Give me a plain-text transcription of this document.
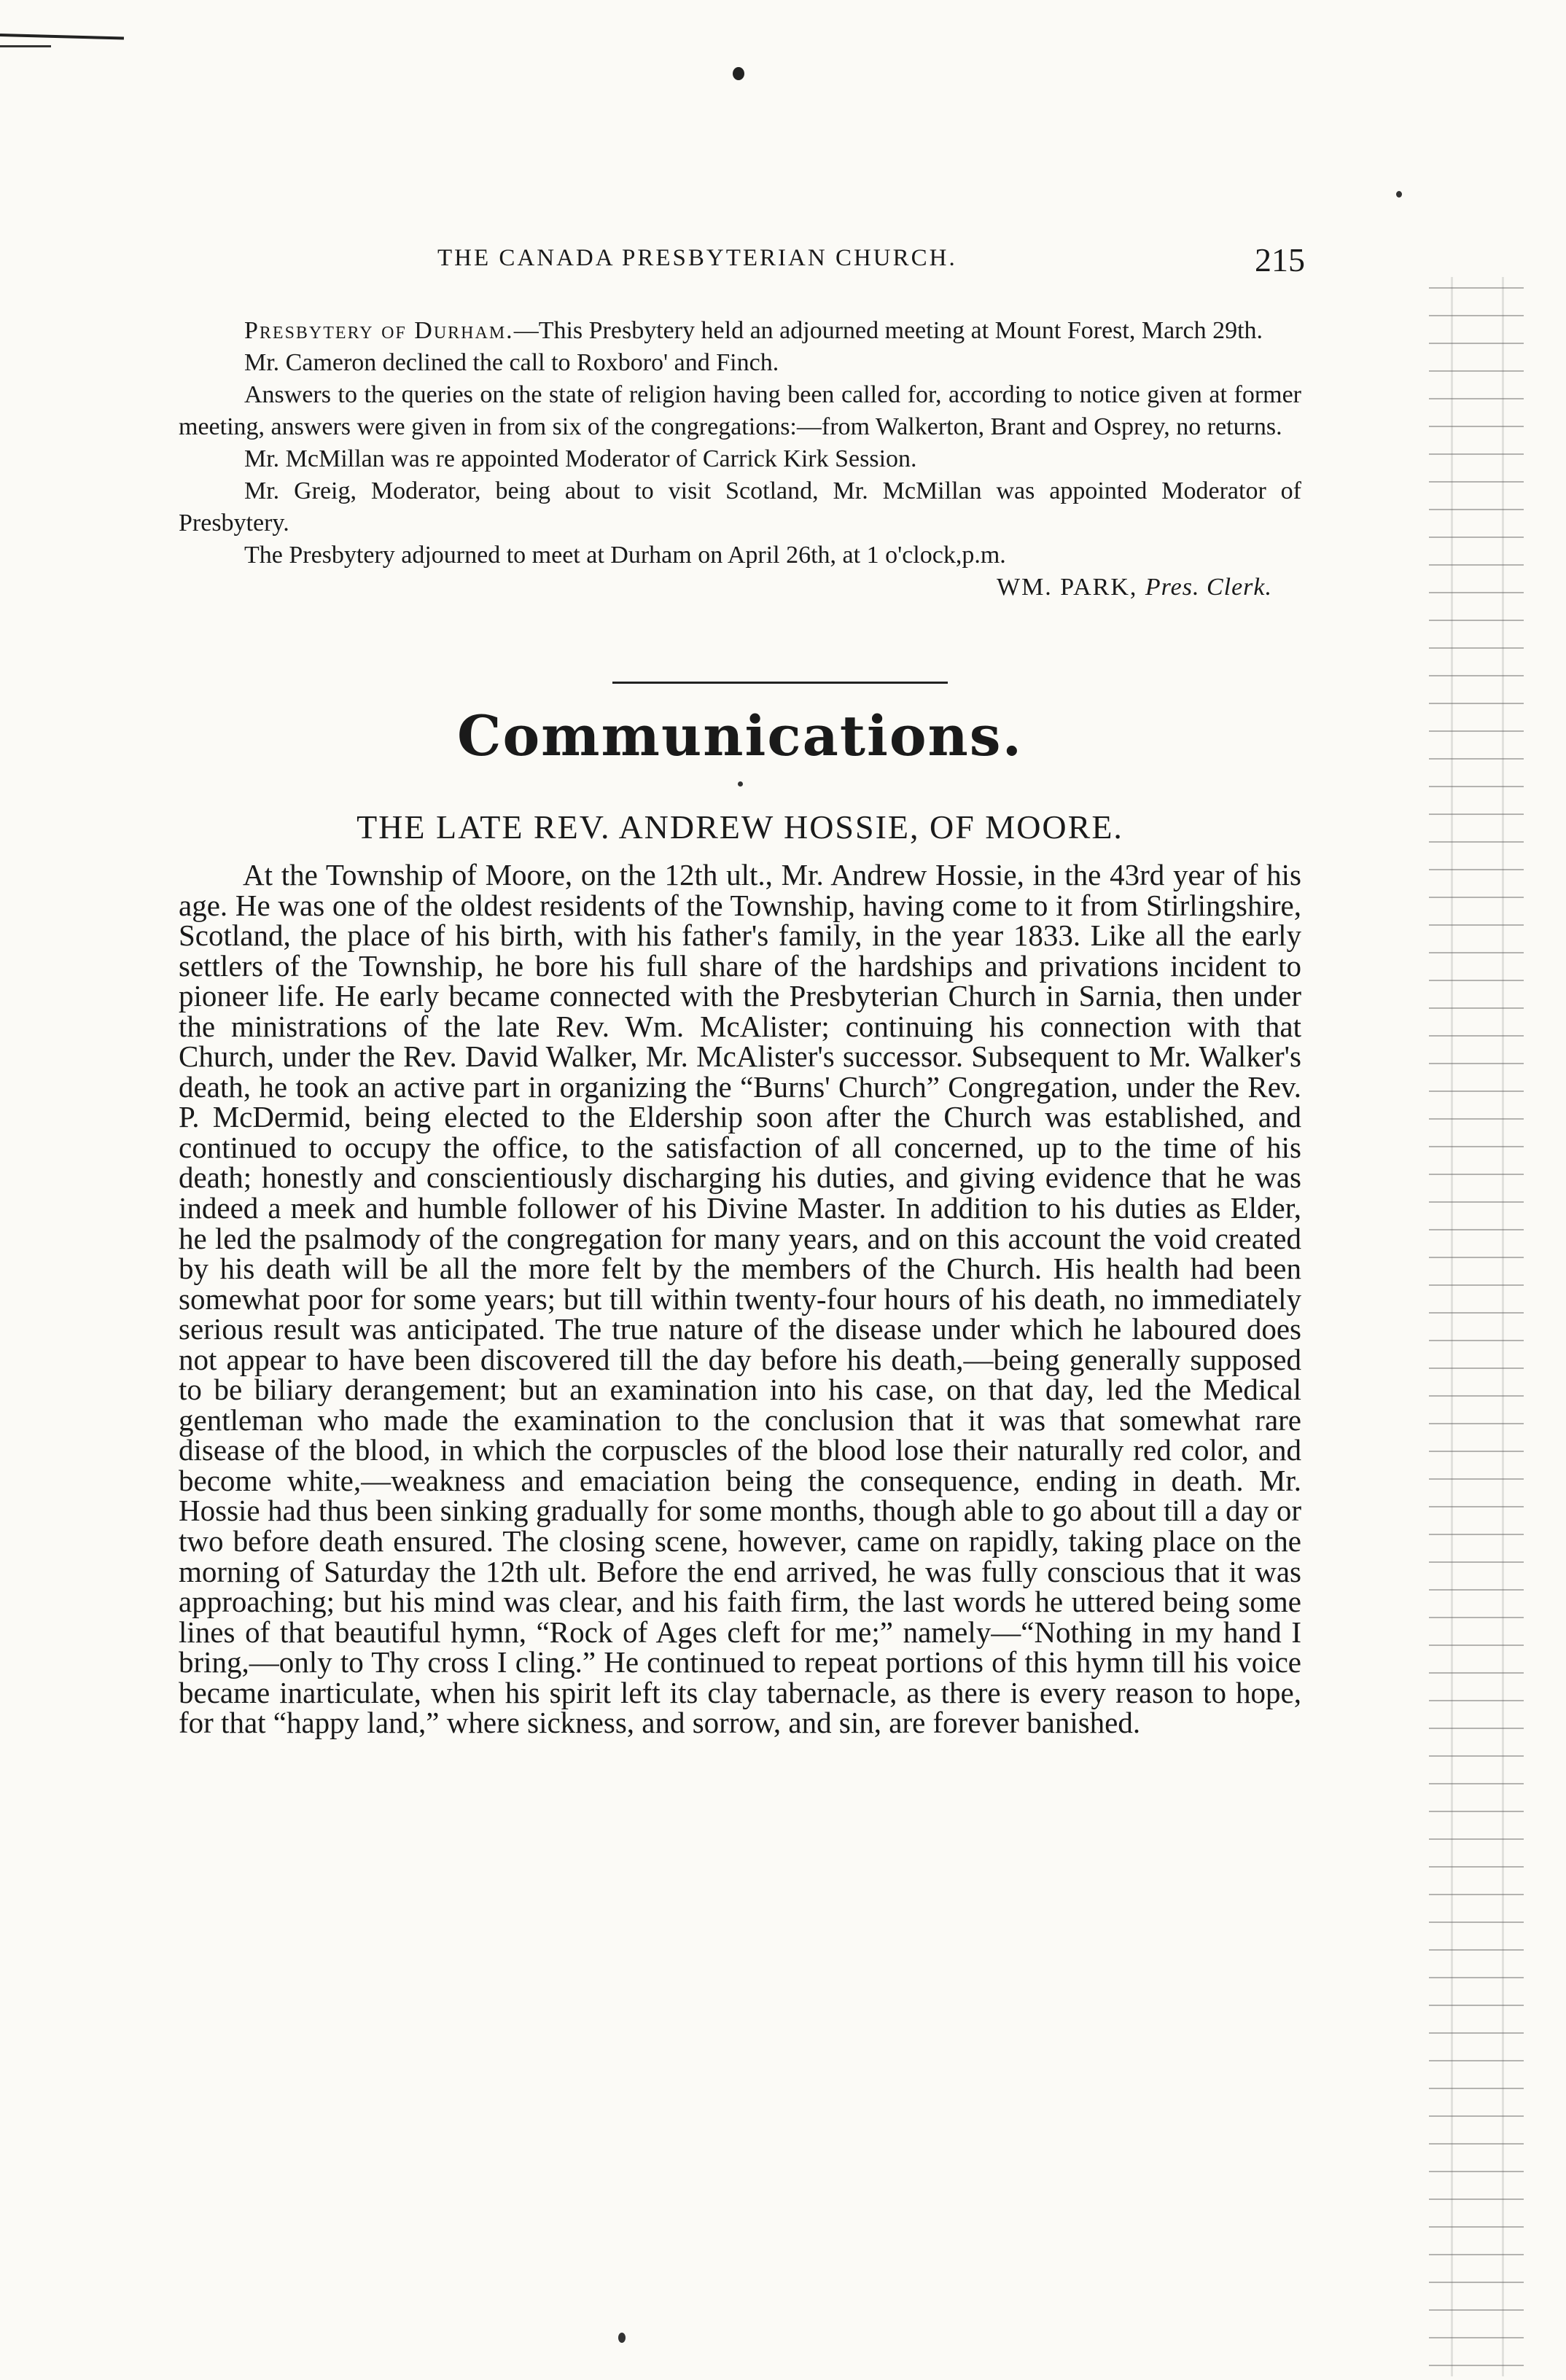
THE CANADA PRESBYTERIAN CHURCH.	215

Presbytery of Durham.—This Presbytery held an adjourned meeting at Mount Forest, March 29th.

Mr. Cameron declined the call to Roxboro' and Finch.

Answers to the queries on the state of religion having been called for, according to notice given at former meeting, answers were given in from six of the congregations:—from Walkerton, Brant and Osprey, no returns.

Mr. McMillan was re appointed Moderator of Carrick Kirk Session.

Mr. Greig, Moderator, being about to visit Scotland, Mr. McMillan was appointed Moderator of Presbytery.

The Presbytery adjourned to meet at Durham on April 26th, at 1 o'clock,p.m.

WM. PARK, Pres. Clerk.

Communications.
THE LATE REV. ANDREW HOSSIE, OF MOORE.

At the Township of Moore, on the 12th ult., Mr. Andrew Hossie, in the 43rd year of his age. He was one of the oldest residents of the Township, having come to it from Stirlingshire, Scotland, the place of his birth, with his father's family, in the year 1833. Like all the early settlers of the Township, he bore his full share of the hardships and privations incident to pioneer life. He early became connected with the Presbyterian Church in Sarnia, then under the ministrations of the late Rev. Wm. McAlister; continuing his connection with that Church, under the Rev. David Walker, Mr. McAlister's successor. Subsequent to Mr. Walker's death, he took an active part in organizing the “Burns' Church” Congregation, under the Rev. P. McDermid, being elected to the Eldership soon after the Church was established, and continued to occupy the office, to the satisfaction of all concerned, up to the time of his death; honestly and conscientiously discharging his duties, and giving evidence that he was indeed a meek and humble follower of his Divine Master. In addition to his duties as Elder, he led the psalmody of the congregation for many years, and on this account the void created by his death will be all the more felt by the members of the Church. His health had been somewhat poor for some years; but till within twenty-four hours of his death, no immediately serious result was anticipated. The true nature of the disease under which he laboured does not appear to have been discovered till the day before his death,—being generally supposed to be biliary derangement; but an examination into his case, on that day, led the Medical gentleman who made the examination to the conclusion that it was that somewhat rare disease of the blood, in which the corpuscles of the blood lose their naturally red color, and become white,—weakness and emaciation being the consequence, ending in death. Mr. Hossie had thus been sinking gradually for some months, though able to go about till a day or two before death ensured. The closing scene, however, came on rapidly, taking place on the morning of Saturday the 12th ult. Before the end arrived, he was fully conscious that it was approaching; but his mind was clear, and his faith firm, the last words he uttered being some lines of that beautiful hymn, “Rock of Ages cleft for me;” namely—“Nothing in my hand I bring,—only to Thy cross I cling.” He continued to repeat portions of this hymn till his voice became inarticulate, when his spirit left its clay tabernacle, as there is every reason to hope, for that “happy land,” where sickness, and sorrow, and sin, are forever banished.
